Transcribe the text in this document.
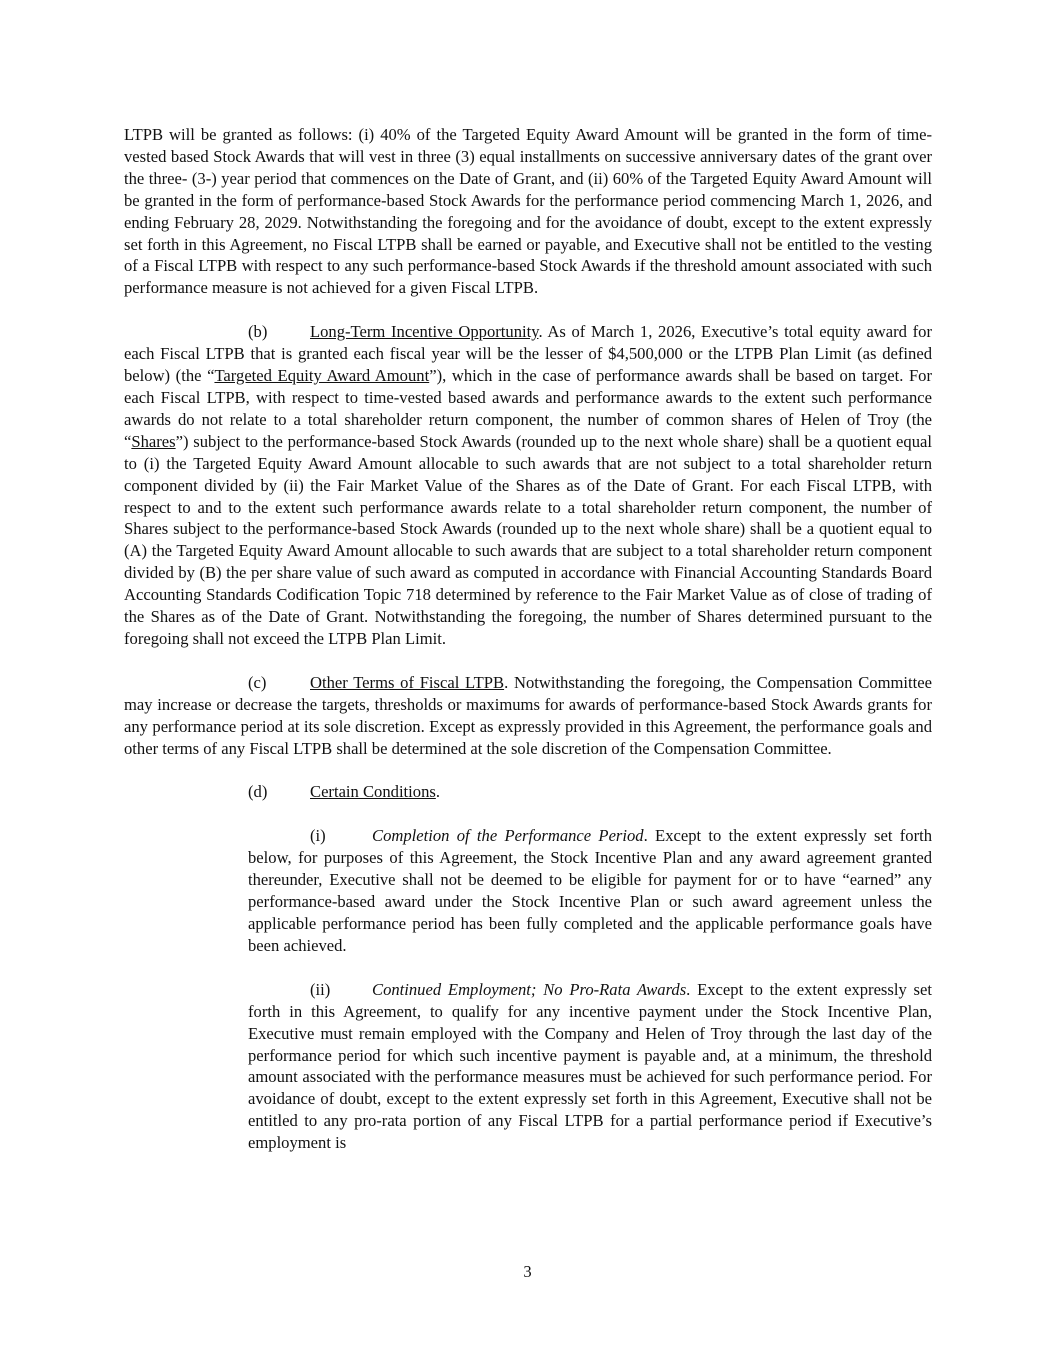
LTPB will be granted as follows: (i) 40% of the Targeted Equity Award Amount will be granted in the form of time-vested based Stock Awards that will vest in three (3) equal installments on successive anniversary dates of the grant over the three- (3-) year period that commences on the Date of Grant, and (ii) 60% of the Targeted Equity Award Amount will be granted in the form of performance-based Stock Awards for the performance period commencing March 1, 2026, and ending February 28, 2029. Notwithstanding the foregoing and for the avoidance of doubt, except to the extent expressly set forth in this Agreement, no Fiscal LTPB shall be earned or payable, and Executive shall not be entitled to the vesting of a Fiscal LTPB with respect to any such performance-based Stock Awards if the threshold amount associated with such performance measure is not achieved for a given Fiscal LTPB.

(b)	Long-Term Incentive Opportunity. As of March 1, 2026, Executive’s total equity award for each Fiscal LTPB that is granted each fiscal year will be the lesser of $4,500,000 or the LTPB Plan Limit (as defined below) (the “Targeted Equity Award Amount”), which in the case of performance awards shall be based on target. For each Fiscal LTPB, with respect to time-vested based awards and performance awards to the extent such performance awards do not relate to a total shareholder return component, the number of common shares of Helen of Troy (the “Shares”) subject to the performance-based Stock Awards (rounded up to the next whole share) shall be a quotient equal to (i) the Targeted Equity Award Amount allocable to such awards that are not subject to a total shareholder return component divided by (ii) the Fair Market Value of the Shares as of the Date of Grant. For each Fiscal LTPB, with respect to and to the extent such performance awards relate to a total shareholder return component, the number of Shares subject to the performance-based Stock Awards (rounded up to the next whole share) shall be a quotient equal to (A) the Targeted Equity Award Amount allocable to such awards that are subject to a total shareholder return component divided by (B) the per share value of such award as computed in accordance with Financial Accounting Standards Board Accounting Standards Codification Topic 718 determined by reference to the Fair Market Value as of close of trading of the Shares as of the Date of Grant. Notwithstanding the foregoing, the number of Shares determined pursuant to the foregoing shall not exceed the LTPB Plan Limit.

(c)	Other Terms of Fiscal LTPB. Notwithstanding the foregoing, the Compensation Committee may increase or decrease the targets, thresholds or maximums for awards of performance-based Stock Awards grants for any performance period at its sole discretion. Except as expressly provided in this Agreement, the performance goals and other terms of any Fiscal LTPB shall be determined at the sole discretion of the Compensation Committee.

(d)	Certain Conditions.

(i)	Completion of the Performance Period. Except to the extent expressly set forth below, for purposes of this Agreement, the Stock Incentive Plan and any award agreement granted thereunder, Executive shall not be deemed to be eligible for payment for or to have “earned” any performance-based award under the Stock Incentive Plan or such award agreement unless the applicable performance period has been fully completed and the applicable performance goals have been achieved.

(ii)	Continued Employment; No Pro-Rata Awards. Except to the extent expressly set forth in this Agreement, to qualify for any incentive payment under the Stock Incentive Plan, Executive must remain employed with the Company and Helen of Troy through the last day of the performance period for which such incentive payment is payable and, at a minimum, the threshold amount associated with the performance measures must be achieved for such performance period. For avoidance of doubt, except to the extent expressly set forth in this Agreement, Executive shall not be entitled to any pro-rata portion of any Fiscal LTPB for a partial performance period if Executive’s employment is

3
